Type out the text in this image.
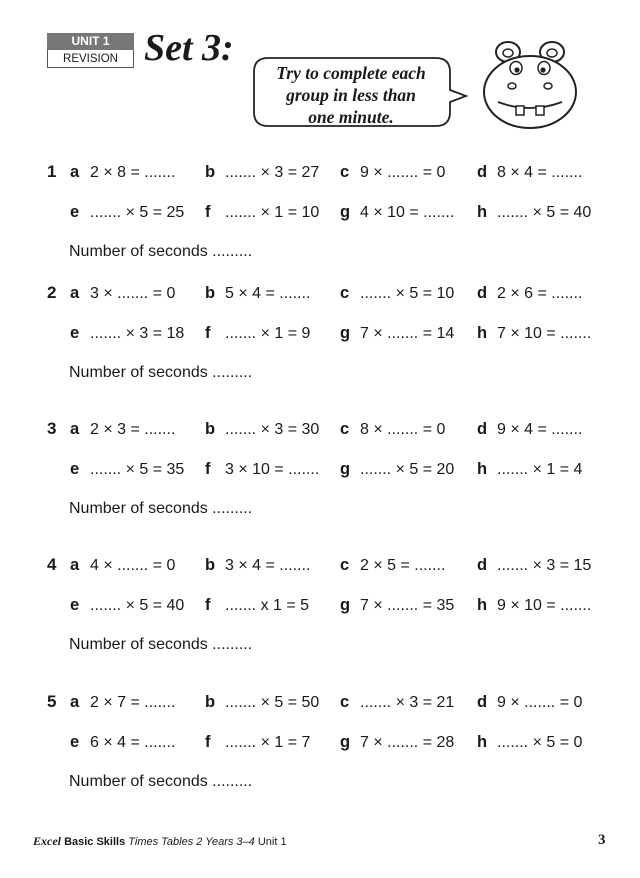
UNIT 1
REVISION Set 3:
Try to complete each
group in less than
one minute.
1 a 2 × 8 = ....... b ....... × 3 = 27 c 9 × ....... = 0 d 8 × 4 = .......
e ....... × 5 = 25 f ....... × 1 = 10 g 4 × 10 = ....... h ....... × 5 = 40
Number of seconds .........
2 a 3 × ....... = 0 b 5 × 4 = ....... c ....... × 5 = 10 d 2 × 6 = .......
e ....... × 3 = 18 f ....... × 1 = 9 g 7 × ....... = 14 h 7 × 10 = .......
Number of seconds .........
3 a 2 × 3 = ....... b ....... × 3 = 30 c 8 × ....... = 0 d 9 × 4 = .......
e ....... × 5 = 35 f 3 × 10 = ....... g ....... × 5 = 20 h ....... × 1 = 4
Number of seconds .........
4 a 4 × ....... = 0 b 3 × 4 = ....... c 2 × 5 = ....... d ....... × 3 = 15
e ....... × 5 = 40 f ....... x 1 = 5 g 7 × ....... = 35 h 9 × 10 = .......
Number of seconds .........
5 a 2 × 7 = ....... b ....... × 5 = 50 c ....... × 3 = 21 d 9 × ....... = 0
e 6 × 4 = ....... f ....... × 1 = 7 g 7 × ....... = 28 h ....... × 5 = 0
Number of seconds .........
Excel Basic Skills Times Tables 2 Years 3–4 Unit 1	3
